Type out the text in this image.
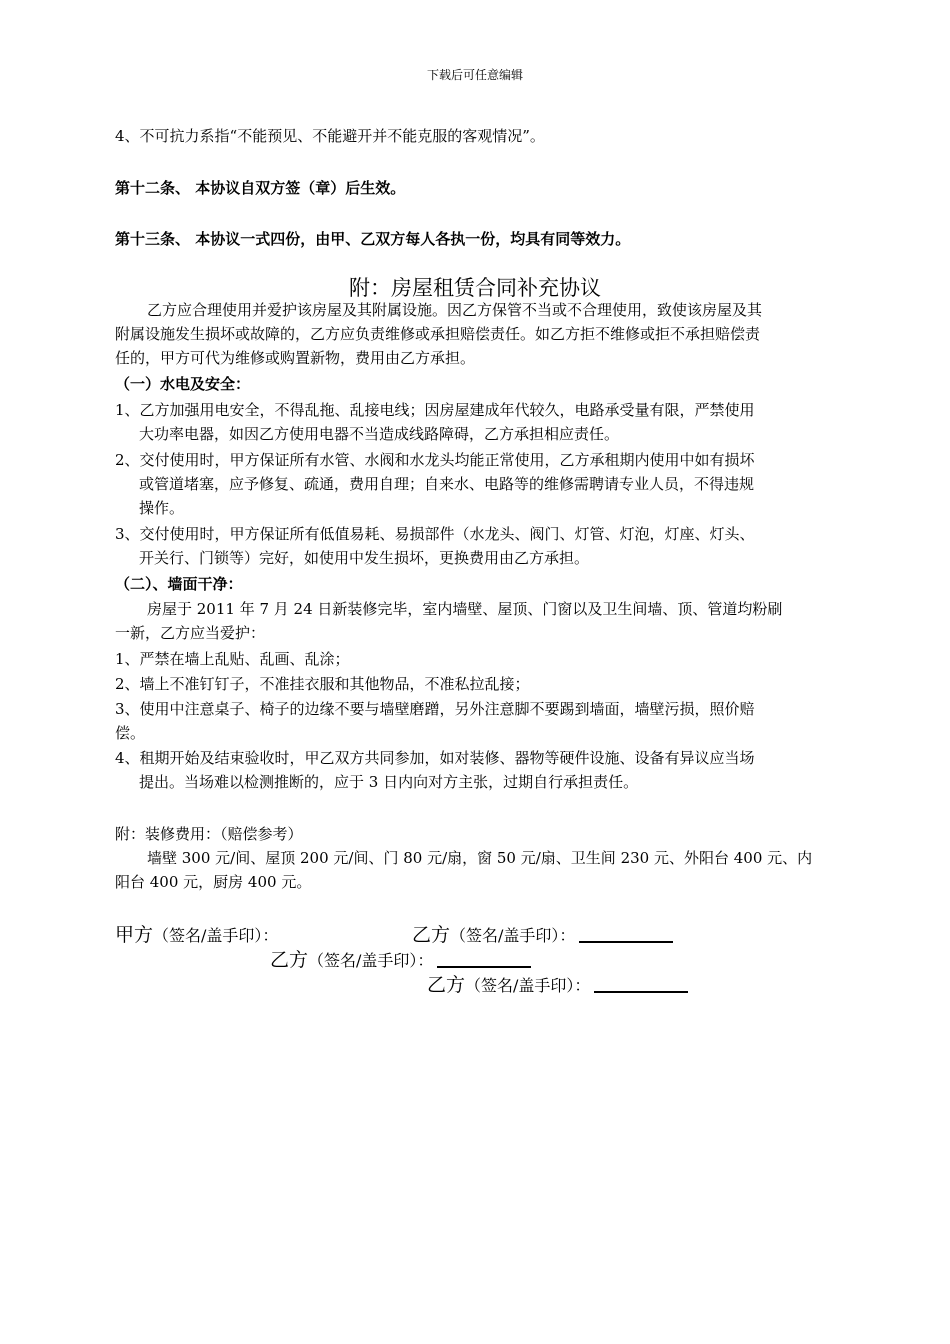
下载后可任意编辑
4、不可抗力系指“不能预见、不能避开并不能克服的客观情况”。
第十二条、 本协议自双方签（章）后生效。
第十三条、 本协议一式四份，由甲、乙双方每人各执一份，均具有同等效力。
附：房屋租赁合同补充协议
乙方应合理使用并爱护该房屋及其附属设施。因乙方保管不当或不合理使用，致使该房屋及其
附属设施发生损坏或故障的，乙方应负责维修或承担赔偿责任。如乙方拒不维修或拒不承担赔偿责
任的，甲方可代为维修或购置新物，费用由乙方承担。
（一）水电及安全：
1、乙方加强用电安全，不得乱拖、乱接电线；因房屋建成年代较久，电路承受量有限，严禁使用
大功率电器，如因乙方使用电器不当造成线路障碍，乙方承担相应责任。
2、交付使用时，甲方保证所有水管、水阀和水龙头均能正常使用，乙方承租期内使用中如有损坏
或管道堵塞，应予修复、疏通，费用自理；自来水、电路等的维修需聘请专业人员，不得违规
操作。
3、交付使用时，甲方保证所有低值易耗、易损部件（水龙头、阀门、灯管、灯泡，灯座、灯头、
开关行、门锁等）完好，如使用中发生损坏，更换费用由乙方承担。
（二）、墙面干净：
房屋于 2011 年 7 月 24 日新装修完毕，室内墙壁、屋顶、门窗以及卫生间墙、顶、管道均粉刷
一新，乙方应当爱护：
1、严禁在墙上乱贴、乱画、乱涂；
2、墙上不准钉钉子，不准挂衣服和其他物品，不准私拉乱接；
3、使用中注意桌子、椅子的边缘不要与墙壁磨蹭，另外注意脚不要踢到墙面，墙壁污损，照价赔
偿。
4、租期开始及结束验收时，甲乙双方共同参加，如对装修、器物等硬件设施、设备有异议应当场
提出。当场难以检测推断的，应于 3 日内向对方主张，过期自行承担责任。
附：装修费用：（赔偿参考）
墙壁 300 元/间、屋顶 200 元/间、门 80 元/扇，窗 50 元/扇、卫生间 230 元、外阳台 400 元、内
阳台 400 元，厨房 400 元。
甲方（签名/盖手印）：	乙方（签名/盖手印）：
乙方（签名/盖手印）：
乙方（签名/盖手印）：
